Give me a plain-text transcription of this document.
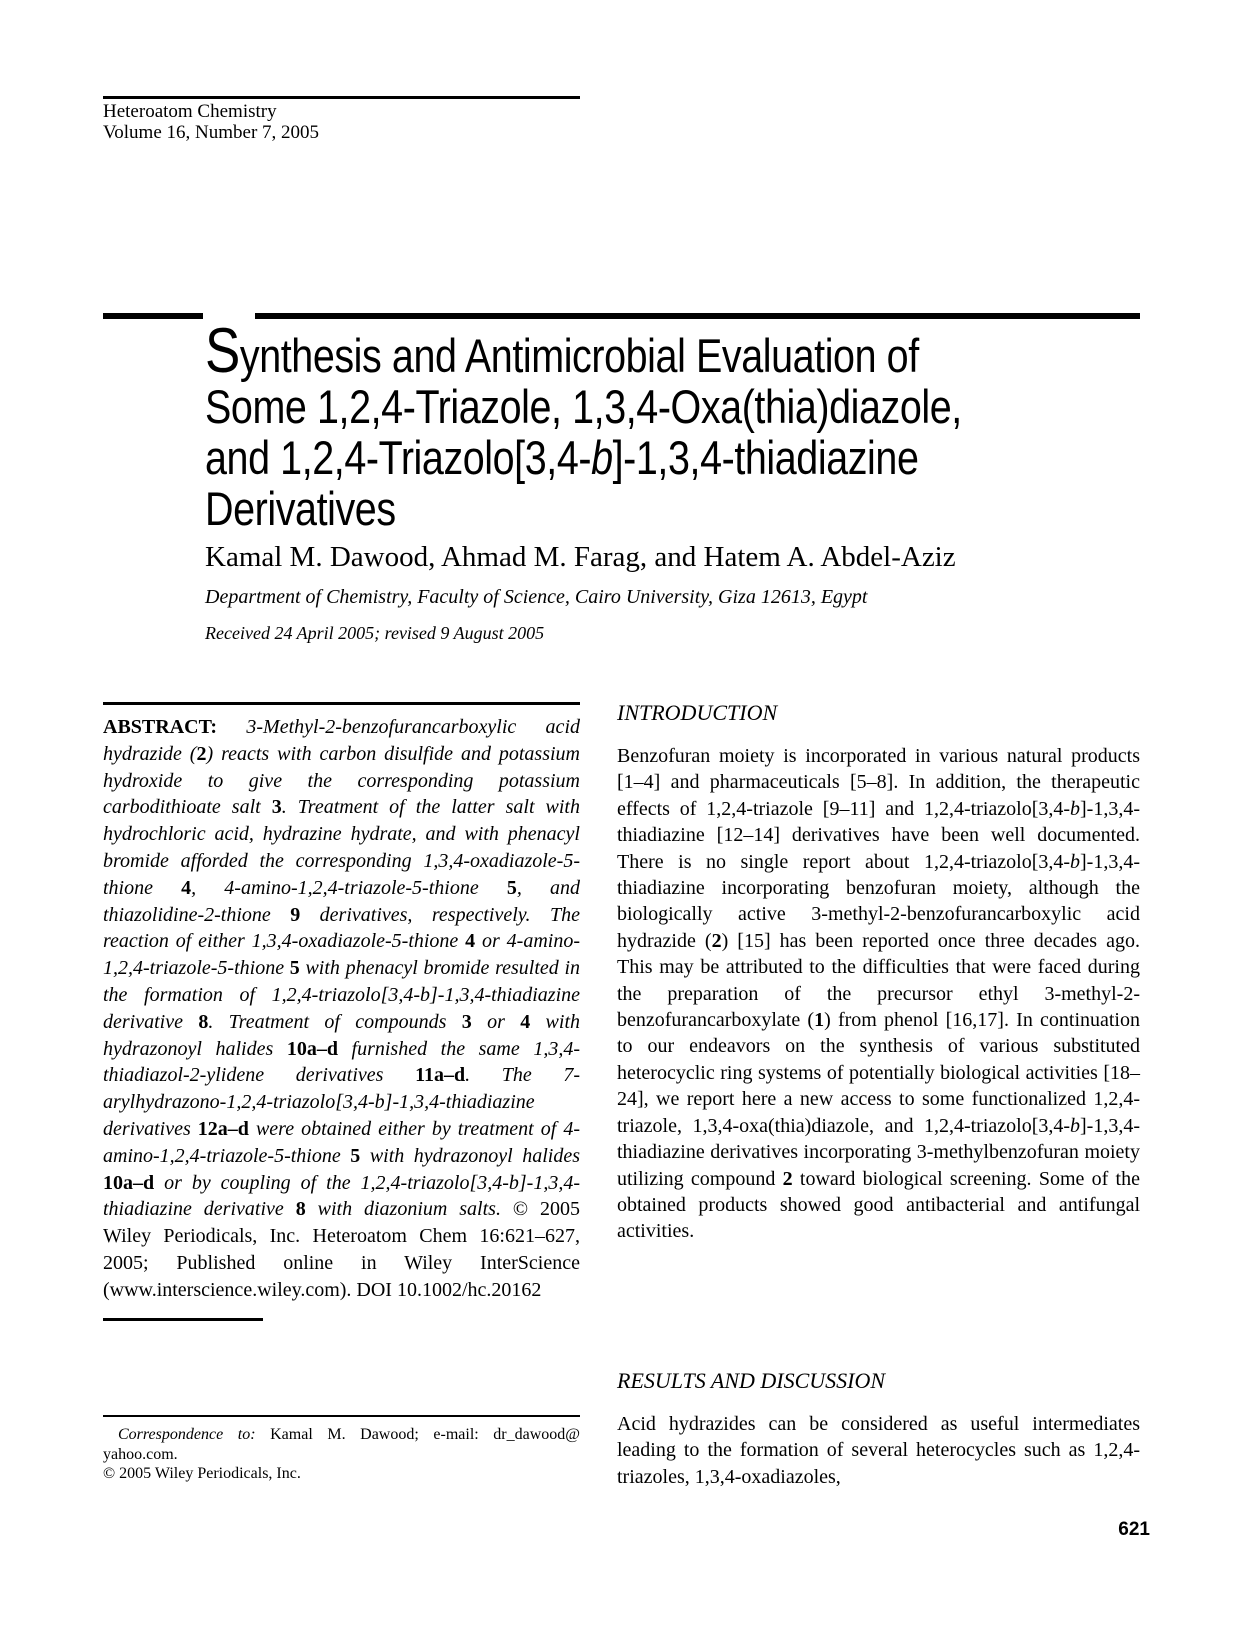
Heteroatom Chemistry
Volume 16, Number 7, 2005
Synthesis and Antimicrobial Evaluation of
Some 1,2,4-Triazole, 1,3,4-Oxa(thia)diazole,
and 1,2,4-Triazolo[3,4-b]-1,3,4-thiadiazine
Derivatives
Kamal M. Dawood, Ahmad M. Farag, and Hatem A. Abdel-Aziz
Department of Chemistry, Faculty of Science, Cairo University, Giza 12613, Egypt
Received 24 April 2005; revised 9 August 2005

ABSTRACT: 3-Methyl-2-benzofurancarboxylic acid hydrazide (2) reacts with carbon disulfide and potassium hydroxide to give the corresponding potassium carbodithioate salt 3. Treatment of the latter salt with hydrochloric acid, hydrazine hydrate, and with phenacyl bromide afforded the corresponding 1,3,4-oxadiazole-5-thione 4, 4-amino-1,2,4-triazole-5-thione 5, and thiazolidine-2-thione 9 derivatives, respectively. The reaction of either 1,3,4-oxadiazole-5-thione 4 or 4-amino-1,2,4-triazole-5-thione 5 with phenacyl bromide resulted in the formation of 1,2,4-triazolo[3,4-b]-1,3,4-thiadiazine derivative 8. Treatment of compounds 3 or 4 with hydrazonoyl halides 10a–d furnished the same 1,3,4-thiadiazol-2-ylidene derivatives 11a–d. The 7-arylhydrazono-1,2,4-triazolo[3,4-b]-1,3,4-thiadiazine derivatives 12a–d were obtained either by treatment of 4-amino-1,2,4-triazole-5-thione 5 with hydrazonoyl halides 10a–d or by coupling of the 1,2,4-triazolo[3,4-b]-1,3,4-thiadiazine derivative 8 with diazonium salts. © 2005 Wiley Periodicals, Inc. Heteroatom Chem 16:621–627, 2005; Published online in Wiley InterScience (www.interscience.wiley.com). DOI 10.1002/hc.20162

INTRODUCTION

Benzofuran moiety is incorporated in various natural products [1–4] and pharmaceuticals [5–8]. In addition, the therapeutic effects of 1,2,4-triazole [9–11] and 1,2,4-triazolo[3,4-b]-1,3,4-thiadiazine [12–14] derivatives have been well documented. There is no single report about 1,2,4-triazolo[3,4-b]-1,3,4-thiadiazine incorporating benzofuran moiety, although the biologically active 3-methyl-2-benzofurancarboxylic acid hydrazide (2) [15] has been reported once three decades ago. This may be attributed to the difficulties that were faced during the preparation of the precursor ethyl 3-methyl-2-benzofurancarboxylate (1) from phenol [16,17]. In continuation to our endeavors on the synthesis of various substituted heterocyclic ring systems of potentially biological activities [18–24], we report here a new access to some functionalized 1,2,4-triazole, 1,3,4-oxa(thia)diazole, and 1,2,4-triazolo[3,4-b]-1,3,4-thiadiazine derivatives incorporating 3-methylbenzofuran moiety utilizing compound 2 toward biological screening. Some of the obtained products showed good antibacterial and antifungal activities.

RESULTS AND DISCUSSION

Acid hydrazides can be considered as useful intermediates leading to the formation of several heterocycles such as 1,2,4-triazoles, 1,3,4-oxadiazoles,

Correspondence to: Kamal M. Dawood; e-mail: dr_dawood@
yahoo.com.
© 2005 Wiley Periodicals, Inc.
621
